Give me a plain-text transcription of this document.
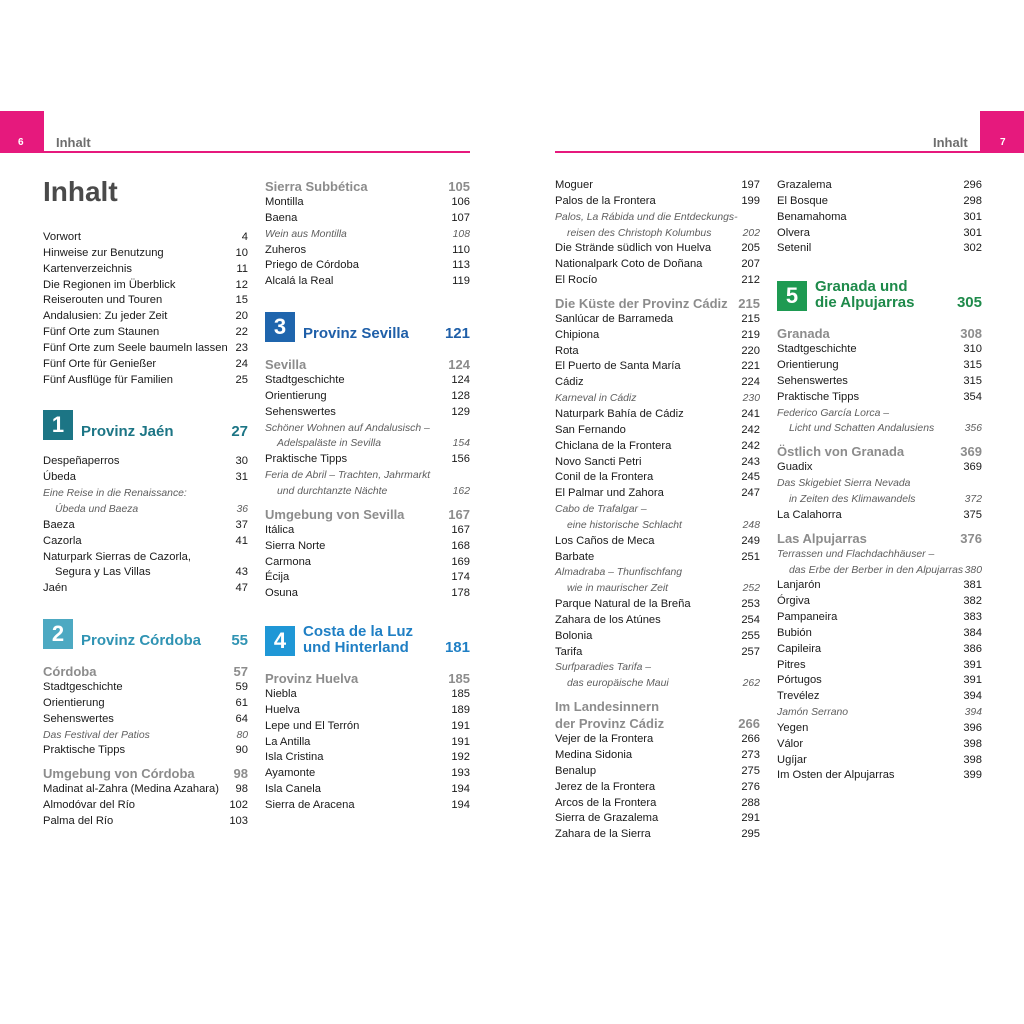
6	7
Inhalt	Inhalt
Inhalt
Vorwort	4
Hinweise zur Benutzung	10
Kartenverzeichnis	11
Die Regionen im Überblick	12
Reiserouten und Touren	15
Andalusien: Zu jeder Zeit	20
Fünf Orte zum Staunen	22
Fünf Orte zum Seele baumeln lassen 23
Fünf Orte für Genießer	24
Fünf Ausflüge für Familien	25
1	Provinz Jaén	27
Despeñaperros	30
Úbeda	31
Eine Reise in die Renaissance:
Úbeda und Baeza	36
Baeza	37
Cazorla	41
Naturpark Sierras de Cazorla,
Segura y Las Villas	43
Jaén	47
2	Provinz Córdoba 55
Córdoba	57
Stadtgeschichte	59
Orientierung	61
Sehenswertes	64
Das Festival der Patios	80
Praktische Tipps	90
Umgebung von Córdoba	98
Madinat al-Zahra (Medina Azahara) 98
Almodóvar del Río	102
Palma del Río	103
Sierra Subbética	105
Montilla	106
Baena	107
Wein aus Montilla	108
Zuheros	110
Priego de Córdoba	113
Alcalá la Real	119
3	Provinz Sevilla 121
Sevilla	124
Stadtgeschichte	124
Orientierung	128
Sehenswertes	129
Schöner Wohnen auf Andalusisch –
Adelspaläste in Sevilla	154
Praktische Tipps	156
Feria de Abril – Trachten, Jahrmarkt
und durchtanzte Nächte	162
Umgebung von Sevilla	167
Itálica	167
Sierra Norte	168
Carmona	169
Écija	174
Osuna	178
4	Costa de la Luz
und Hinterland 181
Provinz Huelva	185
Niebla	185
Huelva	189
Lepe und El Terrón	191
La Antilla	191
Isla Cristina	192
Ayamonte	193
Isla Canela	194
Sierra de Aracena	194
Moguer	197
Palos de la Frontera	199
Palos, La Rábida und die Entdeckungs-
reisen des Christoph Kolumbus	202
Die Strände südlich von Huelva	205
Nationalpark Coto de Doñana	207
El Rocío	212
Die Küste der Provinz Cádiz 215
Sanlúcar de Barrameda	215
Chipiona	219
Rota	220
El Puerto de Santa María	221
Cádiz	224
Karneval in Cádiz	230
Naturpark Bahía de Cádiz	241
San Fernando	242
Chiclana de la Frontera	242
Novo Sancti Petri	243
Conil de la Frontera	245
El Palmar und Zahora	247
Cabo de Trafalgar –
eine historische Schlacht	248
Los Caños de Meca	249
Barbate	251
Almadraba – Thunfischfang
wie in maurischer Zeit	252
Parque Natural de la Breña	253
Zahara de los Atúnes	254
Bolonia	255
Tarifa	257
Surfparadies Tarifa –
das europäische Maui	262
Im Landesinnern
der Provinz Cádiz	266
Vejer de la Frontera	266
Medina Sidonia	273
Benalup	275
Jerez de la Frontera	276
Arcos de la Frontera	288
Sierra de Grazalema	291
Zahara de la Sierra	295
Grazalema	296
El Bosque	298
Benamahoma	301
Olvera	301
Setenil	302
5	Granada und
die Alpujarras	305
Granada	308
Stadtgeschichte	310
Orientierung	315
Sehenswertes	315
Praktische Tipps	354
Federico García Lorca –
Licht und Schatten Andalusiens	356
Östlich von Granada	369
Guadix	369
Das Skigebiet Sierra Nevada
in Zeiten des Klimawandels	372
La Calahorra	375
Las Alpujarras	376
Terrassen und Flachdachhäuser –
das Erbe der Berber in den Alpujarras 380
Lanjarón	381
Órgiva	382
Pampaneira	383
Bubión	384
Capileira	386
Pitres	391
Pórtugos	391
Trevélez	394
Jamón Serrano	394
Yegen	396
Válor	398
Ugíjar	398
Im Osten der Alpujarras	399
